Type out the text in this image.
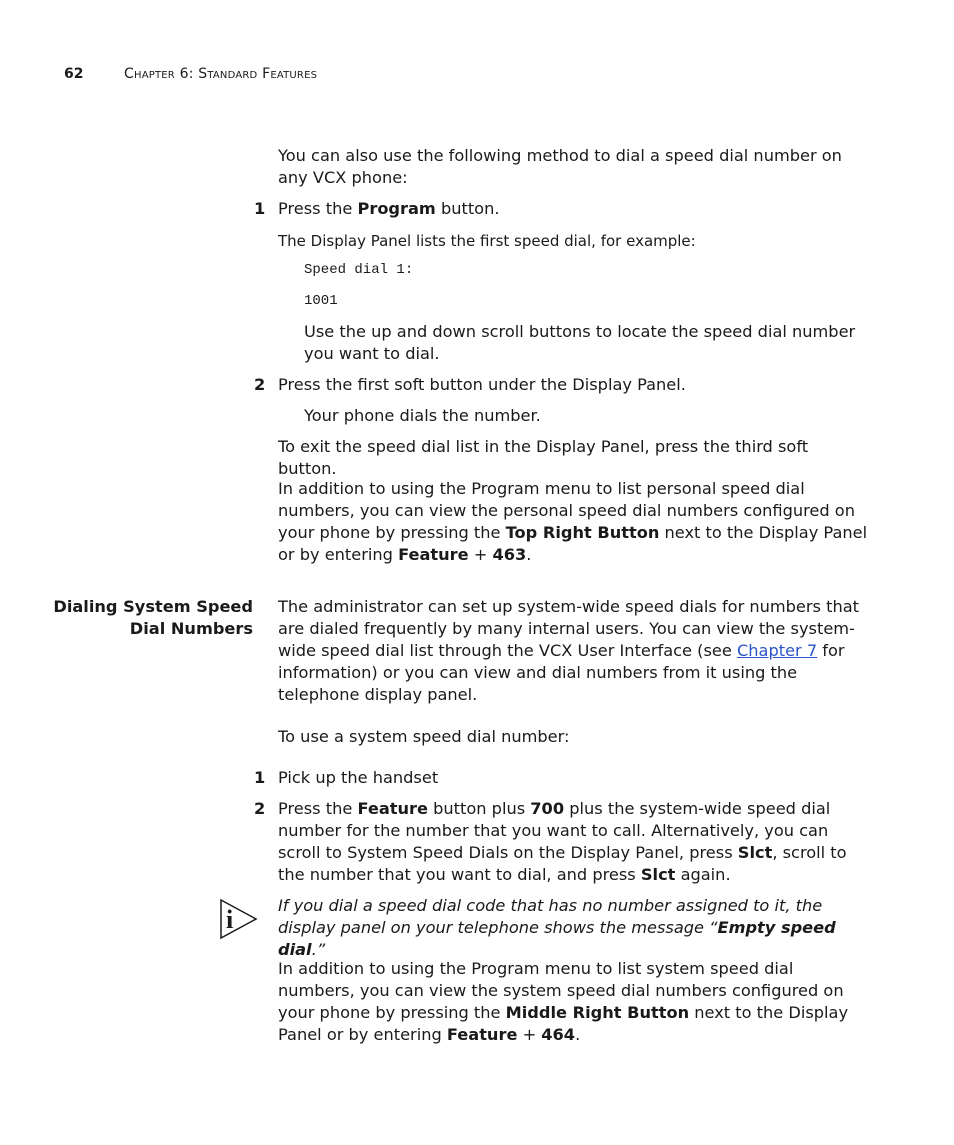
62	Chapter 6: Standard Features

You can also use the following method to dial a speed dial number on any VCX phone:

1 Press the Program button.

The Display Panel lists the first speed dial, for example:

Speed dial 1:

1001

Use the up and down scroll buttons to locate the speed dial number you want to dial.

2 Press the first soft button under the Display Panel.

Your phone dials the number.

To exit the speed dial list in the Display Panel, press the third soft button.

In addition to using the Program menu to list personal speed dial numbers, you can view the personal speed dial numbers configured on your phone by pressing the Top Right Button next to the Display Panel or by entering Feature + 463.

Dialing System Speed
Dial Numbers

The administrator can set up system-wide speed dials for numbers that are dialed frequently by many internal users. You can view the system-wide speed dial list through the VCX User Interface (see Chapter 7 for information) or you can view and dial numbers from it using the telephone display panel.

To use a system speed dial number:

1 Pick up the handset

2 Press the Feature button plus 700 plus the system-wide speed dial number for the number that you want to call. Alternatively, you can scroll to System Speed Dials on the Display Panel, press Slct, scroll to the number that you want to dial, and press Slct again.

i	If you dial a speed dial code that has no number assigned to it, the display panel on your telephone shows the message “Empty speed dial.”

In addition to using the Program menu to list system speed dial numbers, you can view the system speed dial numbers configured on your phone by pressing the Middle Right Button next to the Display Panel or by entering Feature + 464.
